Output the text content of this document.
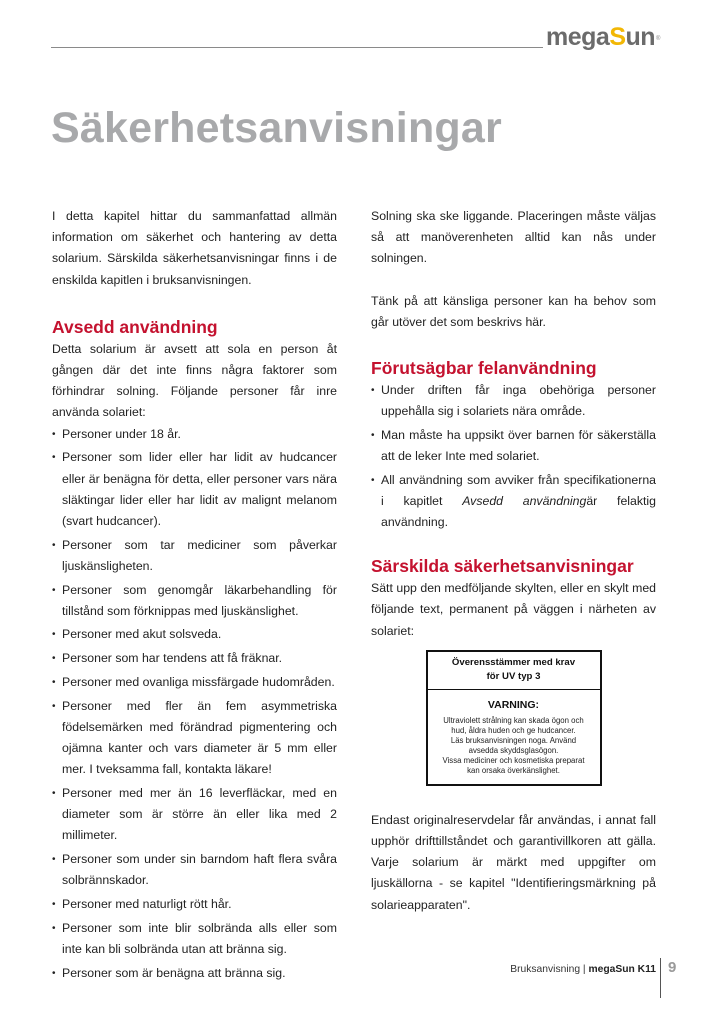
megaSun®
Säkerhetsanvisningar

I detta kapitel hittar du sammanfattad allmän information om säkerhet och hantering av detta solarium. Särskilda säkerhetsanvisningar finns i de enskilda kapitlen i bruksanvisningen.

Avsedd användning

Detta solarium är avsett att sola en person åt gången där det inte finns några faktorer som förhindrar solning. Följande personer får inre använda solariet:

• Personer under 18 år.
• Personer som lider eller har lidit av hudcancer eller är benägna för detta, eller personer vars nära släktingar lider eller har lidit av malignt melanom (svart hudcancer).
• Personer som tar mediciner som påverkar ljuskänsligheten.
• Personer som genomgår läkarbehandling för tillstånd som förknippas med ljuskänslighet.
• Personer med akut solsveda.
• Personer som har tendens att få fräknar.
• Personer med ovanliga missfärgade hudområden.
• Personer med fler än fem asymmetriska födelsemärken med förändrad pigmentering och ojämna kanter och vars diameter är 5 mm eller mer. I tveksamma fall, kontakta läkare!
• Personer med mer än 16 leverfläckar, med en diameter som är större än eller lika med 2 millimeter.
• Personer som under sin barndom haft flera svåra solbrännskador.
• Personer med naturligt rött hår.
• Personer som inte blir solbrända alls eller som inte kan bli solbrända utan att bränna sig.
• Personer som är benägna att bränna sig.

Solning ska ske liggande. Placeringen måste väljas så att manöverenheten alltid kan nås under solningen.

Tänk på att känsliga personer kan ha behov som går utöver det som beskrivs här.

Förutsägbar felanvändning
• Under driften får inga obehöriga personer uppehålla sig i solariets nära område.
• Man måste ha uppsikt över barnen för säkerställa att de leker Inte med solariet.
• All användning som avviker från specifikationerna i kapitlet Avsedd användningär felaktig användning.
Särskilda säkerhetsanvisningar

Sätt upp den medföljande skylten, eller en skylt med följande text, permanent på väggen i närheten av solariet:

Överensstämmer med krav
för UV typ 3
VARNING:
Ultraviolett strålning kan skada ögon och
hud, åldra huden och ge hudcancer.
Läs bruksanvisningen noga. Använd
avsedda skyddsglasögon.
Vissa mediciner och kosmetiska preparat
kan orsaka överkänslighet.

Endast originalreservdelar får användas, i annat fall upphör drifttillståndet och garantivillkoren att gälla. Varje solarium är märkt med uppgifter om ljuskällorna - se kapitel "Identifieringsmärkning på solarieapparaten".

Bruksanvisning | megaSun K11 9
